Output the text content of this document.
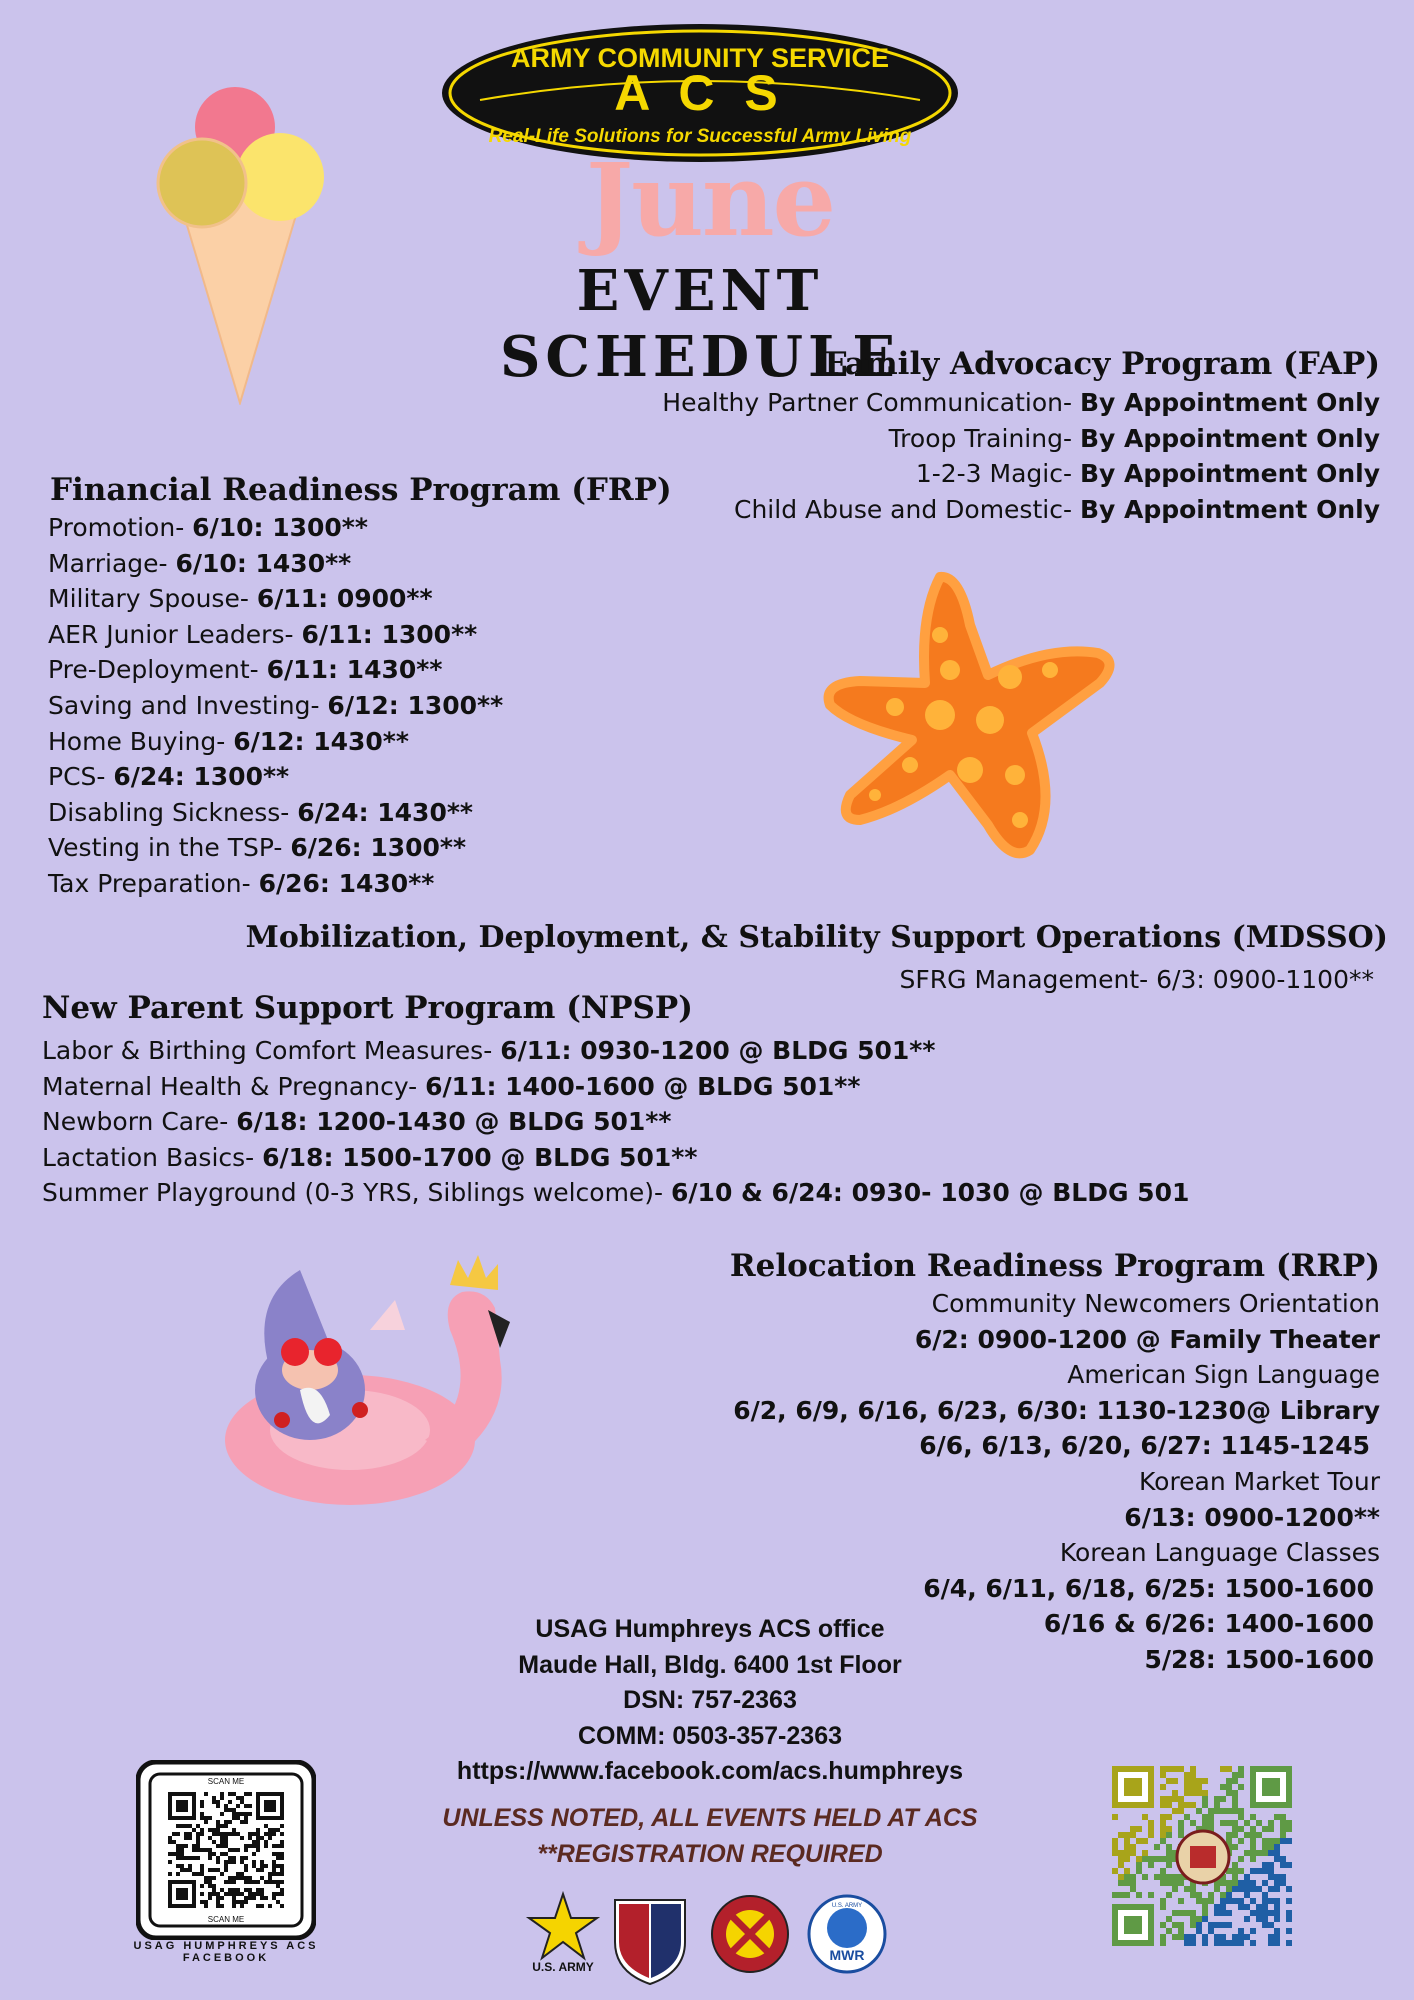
ARMY COMMUNITY SERVICE
A C S
Real-Life Solutions for Successful Army Living
June
EVENT SCHEDULE
Family Advocacy Program (FAP)
Healthy Partner Communication- By Appointment Only
Troop Training- By Appointment Only
1-2-3 Magic- By Appointment Only
Child Abuse and Domestic- By Appointment Only
Financial Readiness Program (FRP)
Promotion- 6/10: 1300**
Marriage- 6/10: 1430**
Military Spouse- 6/11: 0900**
AER Junior Leaders- 6/11: 1300**
Pre-Deployment- 6/11: 1430**
Saving and Investing- 6/12: 1300**
Home Buying- 6/12: 1430**
PCS- 6/24: 1300**
Disabling Sickness- 6/24: 1430**
Vesting in the TSP- 6/26: 1300**
Tax Preparation- 6/26: 1430**
Mobilization, Deployment, & Stability Support Operations (MDSSO)
SFRG Management- 6/3: 0900-1100**
New Parent Support Program (NPSP)
Labor & Birthing Comfort Measures- 6/11: 0930-1200 @ BLDG 501**
Maternal Health & Pregnancy- 6/11: 1400-1600 @ BLDG 501**
Newborn Care- 6/18: 1200-1430 @ BLDG 501**
Lactation Basics- 6/18: 1500-1700 @ BLDG 501**
Summer Playground (0-3 YRS, Siblings welcome)- 6/10 & 6/24: 0930- 1030 @ BLDG 501
Relocation Readiness Program (RRP)
Community Newcomers Orientation
6/2: 0900-1200 @ Family Theater
American Sign Language
6/2, 6/9, 6/16, 6/23, 6/30: 1130-1230@ Library
6/6, 6/13, 6/20, 6/27: 1145-1245
Korean Market Tour
6/13: 0900-1200**
Korean Language Classes
6/4, 6/11, 6/18, 6/25: 1500-1600
6/16 & 6/26: 1400-1600
5/28: 1500-1600
USAG Humphreys ACS office
Maude Hall, Bldg. 6400 1st Floor
DSN: 757-2363
COMM: 0503-357-2363
https://www.facebook.com/acs.humphreys
UNLESS NOTED, ALL EVENTS HELD AT ACS
**REGISTRATION REQUIRED
SCAN ME
SCAN ME
USAG HUMPHREYS ACS FACEBOOK
U.S. ARMY
MWR
U.S. ARMY
